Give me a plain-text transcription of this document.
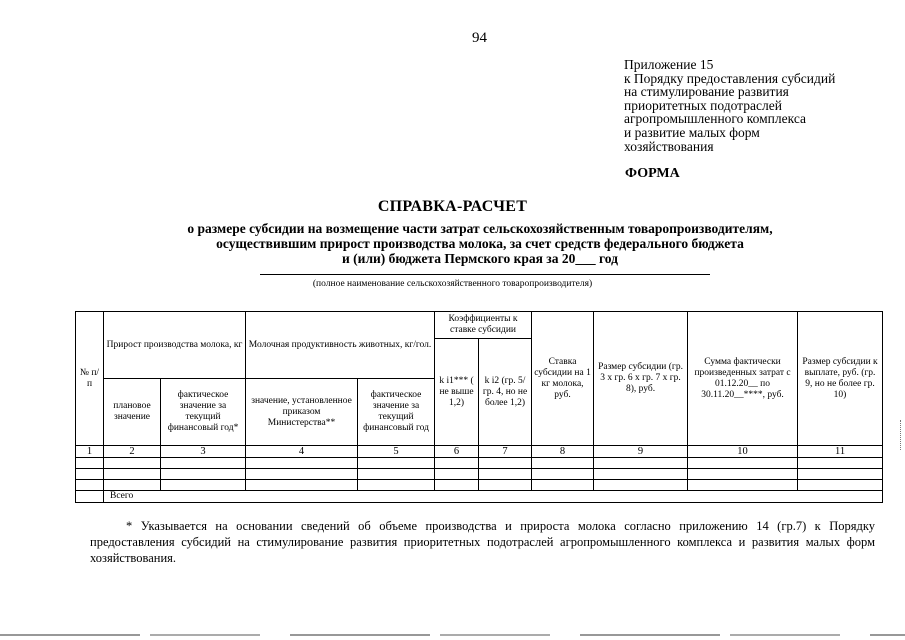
94
Приложение 15
к Порядку предоставления субсидий
на стимулирование развития
приоритетных подотраслей
агропромышленного комплекса
и развитие малых форм
хозяйствования
ФОРМА
СПРАВКА-РАСЧЕТ
о размере субсидии на возмещение части затрат сельскохозяйственным товаропроизводителям,
осуществившим прирост производства молока, за счет средств федерального бюджета
и (или) бюджета Пермского края за 20___ год
(полное наименование сельскохозяйственного товаропроизводителя)
№ п/п	Прирост производства молока, кг		Молочная продуктивность животных, кг/гол.		Коэффициенты к ставке субсидии		Ставка субсидии на 1 кг молока, руб.	Размер субсидии (гр. 3 x гр. 6 x гр. 7 x гр. 8), руб.	Сумма фактически произведенных затрат с 01.12.20__ по 30.11.20__****, руб.	Размер субсидии к выплате, руб. (гр. 9, но не более гр. 10)
					k i1*** ( не выше 1,2)	k i2 (гр. 5/ гр. 4, но не более 1,2)				
	плановое значение	фактическое значение за текущий финансовый год*	значение, установленное приказом Министерства**	фактическое значение за текущий финансовый год						
1	2	3	4	5	6	7	8	9	10	11

	Всего									
* Указывается на основании сведений об объеме производства и прироста молока согласно приложению 14 (гр.7) к Порядку предоставления субсидий на стимулирование развития приоритетных подотраслей агропромышленного комплекса и развития малых форм хозяйствования.
